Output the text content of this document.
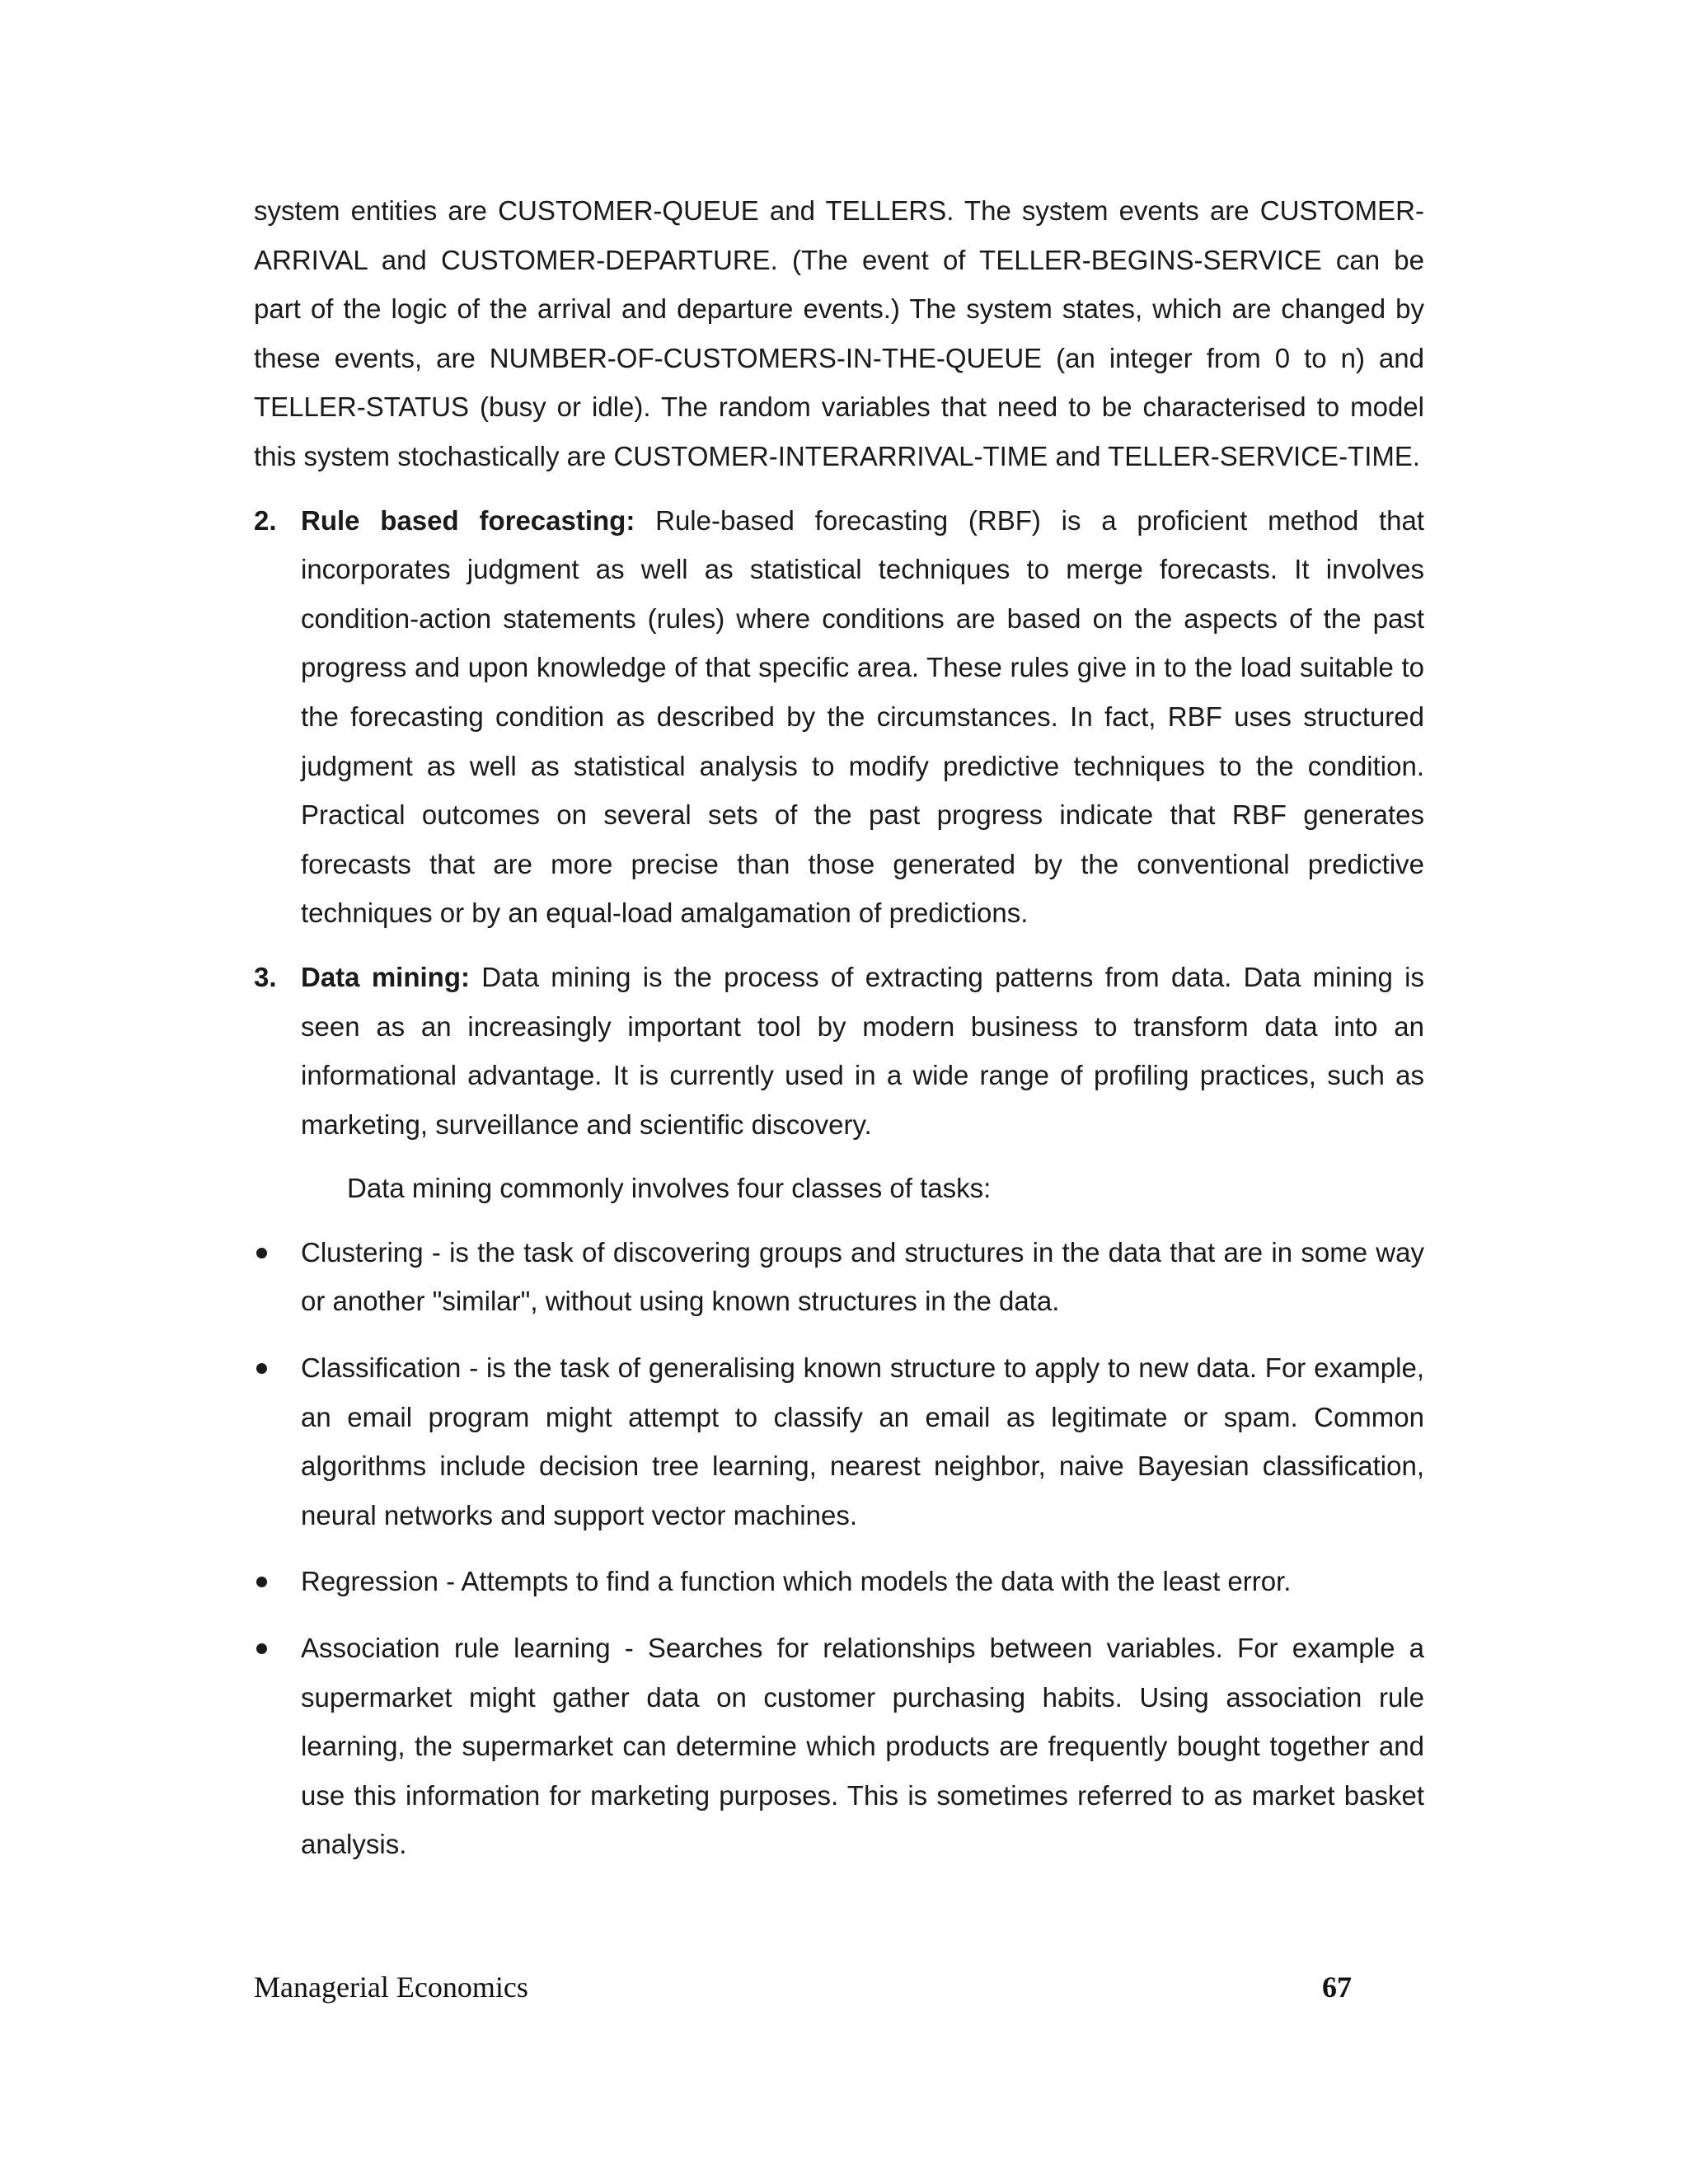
system entities are CUSTOMER-QUEUE and TELLERS. The system events are CUSTOMER-ARRIVAL and CUSTOMER-DEPARTURE. (The event of TELLER-BEGINS-SERVICE can be part of the logic of the arrival and departure events.) The system states, which are changed by these events, are NUMBER-OF-CUSTOMERS-IN-THE-QUEUE (an integer from 0 to n) and TELLER-STATUS (busy or idle). The random variables that need to be characterised to model this system stochastically are CUSTOMER-INTERARRIVAL-TIME and TELLER-SERVICE-TIME.

2. Rule based forecasting: Rule-based forecasting (RBF) is a proficient method that incorporates judgment as well as statistical techniques to merge forecasts. It involves condition-action statements (rules) where conditions are based on the aspects of the past progress and upon knowledge of that specific area. These rules give in to the load suitable to the forecasting condition as described by the circumstances. In fact, RBF uses structured judgment as well as statistical analysis to modify predictive techniques to the condition. Practical outcomes on several sets of the past progress indicate that RBF generates forecasts that are more precise than those generated by the conventional predictive techniques or by an equal-load amalgamation of predictions.

3. Data mining: Data mining is the process of extracting patterns from data. Data mining is seen as an increasingly important tool by modern business to transform data into an informational advantage. It is currently used in a wide range of profiling practices, such as marketing, surveillance and scientific discovery.

Data mining commonly involves four classes of tasks:

Clustering - is the task of discovering groups and structures in the data that are in some way or another "similar", without using known structures in the data.

Classification - is the task of generalising known structure to apply to new data. For example, an email program might attempt to classify an email as legitimate or spam. Common algorithms include decision tree learning, nearest neighbor, naive Bayesian classification, neural networks and support vector machines.

Regression - Attempts to find a function which models the data with the least error.

Association rule learning - Searches for relationships between variables. For example a supermarket might gather data on customer purchasing habits. Using association rule learning, the supermarket can determine which products are frequently bought together and use this information for marketing purposes. This is sometimes referred to as market basket analysis.

Managerial Economics	67
